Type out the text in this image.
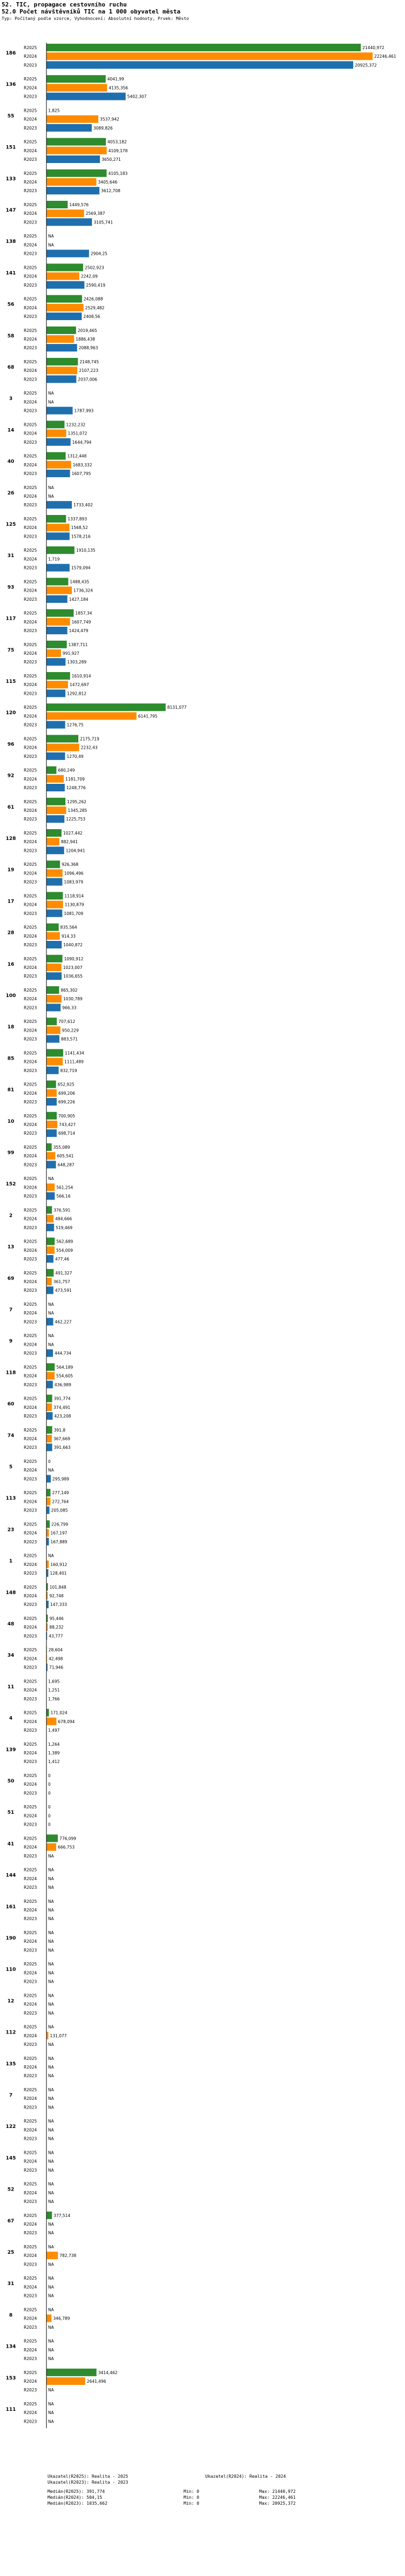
52. TIC, propagace cestovního ruchu
52.0 Počet návštěvníků TIC na 1 000 obyvatel města
Typ: Počítaný podle vzorce, Vyhodnocení: Absolutní hodnoty, Prvek: Město
186
R2025	21440,972
R2024	22246,461
R2023	20925,372
136
R2025	4041,99
R2024	4135,356
R2023	5402,307
55
R2025	1,825
R2024	3537,942
R2023	3089,826
151
R2025	4053,182
R2024	4109,178
R2023	3650,271
133
R2025	4105,183
R2024	3405,646
R2023	3612,708
147
R2025	1449,576
R2024	2569,387
R2023	3105,741
138
R2025	NA
R2024	NA
R2023	2904,25
141
R2025	2502,923
R2024	2242,09
R2023	2590,419
56
R2025	2426,088
R2024	2529,482
R2023	2408,56
58
R2025	2019,465
R2024	1886,438
R2023	2088,963
68
R2025	2148,745
R2024	2107,223
R2023	2037,006
3
R2025	NA
R2024	NA
R2023	1787,993
14
R2025	1232,232
R2024	1351,072
R2023	1644,794
40
R2025	1312,448
R2024	1683,332
R2023	1607,795
26
R2025	NA
R2024	NA
R2023	1733,402
125
R2025	1337,893
R2024	1568,52
R2023	1578,216
31
R2025	1910,135
R2024	1,719
R2023	1579,094
93
R2025	1488,435
R2024	1736,324
R2023	1427,184
117
R2025	1857,34
R2024	1607,749
R2023	1424,479
75
R2025	1387,711
R2024	991,927
R2023	1303,289
115
R2025	1610,914
R2024	1472,697
R2023	1292,812
120
R2025	8131,077
R2024	6141,795
R2023	1276,75
96
R2025	2175,719
R2024	2232,43
R2023	1270,49
92
R2025	680,249
R2024	1181,709
R2023	1248,776
61
R2025	1295,262
R2024	1345,285
R2023	1225,753
128
R2025	1027,442
R2024	882,941
R2023	1204,941
19
R2025	926,368
R2024	1096,496
R2023	1083,979
17
R2025	1118,914
R2024	1130,879
R2023	1081,709
28
R2025	835,564
R2024	914,33
R2023	1040,872
16
R2025	1090,912
R2024	1023,007
R2023	1036,655
100
R2025	865,302
R2024	1030,789
R2023	966,33
18
R2025	707,612
R2024	950,229
R2023	883,571
85
R2025	1141,434
R2024	1111,489
R2023	832,719
81
R2025	652,925
R2024	699,206
R2023	699,226
10
R2025	700,905
R2024	743,427
R2023	698,714
99
R2025	355,089
R2024	605,541
R2023	648,287
152
R2025	NA
R2024	561,254
R2023	566,16
2
R2025	376,591
R2024	484,666
R2023	519,469
13
R2025	562,689
R2024	554,009
R2023	477,46
69
R2025	491,327
R2024	361,757
R2023	473,591
7
R2025	NA
R2024	NA
R2023	462,227
9
R2025	NA
R2024	NA
R2023	444,734
118
R2025	564,189
R2024	554,605
R2023	436,989
60
R2025	391,774
R2024	374,491
R2023	423,208
74
R2025	391,8
R2024	367,669
R2023	391,663
5
R2025	0
R2024	NA
R2023	295,989
113
R2025	277,149
R2024	272,764
R2023	205,085
23
R2025	226,799
R2024	167,197
R2023	167,889
1
R2025	NA
R2024	160,912
R2023	128,401
148
R2025	101,848
R2024	92,748
R2023	147,333
48
R2025	95,446
R2024	88,232
R2023	43,777
34
R2025	28,604
R2024	42,498
R2023	71,946
11
R2025	1,695
R2024	1,251
R2023	1,766
4
R2025	171,024
R2024	678,094
R2023	1,497
139
R2025	1,264
R2024	1,389
R2023	1,412
50
R2025	0
R2024	0
R2023	0
51
R2025	0
R2024	0
R2023	0
41
R2025	776,099
R2024	666,753
R2023	NA
144
R2025	NA
R2024	NA
R2023	NA
161
R2025	NA
R2024	NA
R2023	NA
190
R2025	NA
R2024	NA
R2023	NA
110
R2025	NA
R2024	NA
R2023	NA
12
R2025	NA
R2024	NA
R2023	NA
112
R2025	NA
R2024	131,077
R2023	NA
135
R2025	NA
R2024	NA
R2023	NA
7
R2025	NA
R2024	NA
R2023	NA
122
R2025	NA
R2024	NA
R2023	NA
145
R2025	NA
R2024	NA
R2023	NA
52
R2025	NA
R2024	NA
R2023	NA
67
R2025	377,514
R2024	NA
R2023	NA
25
R2025	NA
R2024	782,738
R2023	NA
31
R2025	NA
R2024	NA
R2023	NA
8
R2025	NA
R2024	346,789
R2023	NA
134
R2025	NA
R2024	NA
R2023	NA
153
R2025	3414,462
R2024	2641,496
R2023	NA
111
R2025	NA
R2024	NA
R2023	NA
Ukazatel(R2025): Realita - 2025	Ukazatel(R2024): Realita - 2024
Ukazatel(R2023): Realita - 2023
Medián(R2025): 391,774	Min: 0	Max: 21440,972
Medián(R2024): 504,15	Min: 0	Max: 22246,461
Medián(R2023): 1035,662	Min: 0	Max: 20925,372
